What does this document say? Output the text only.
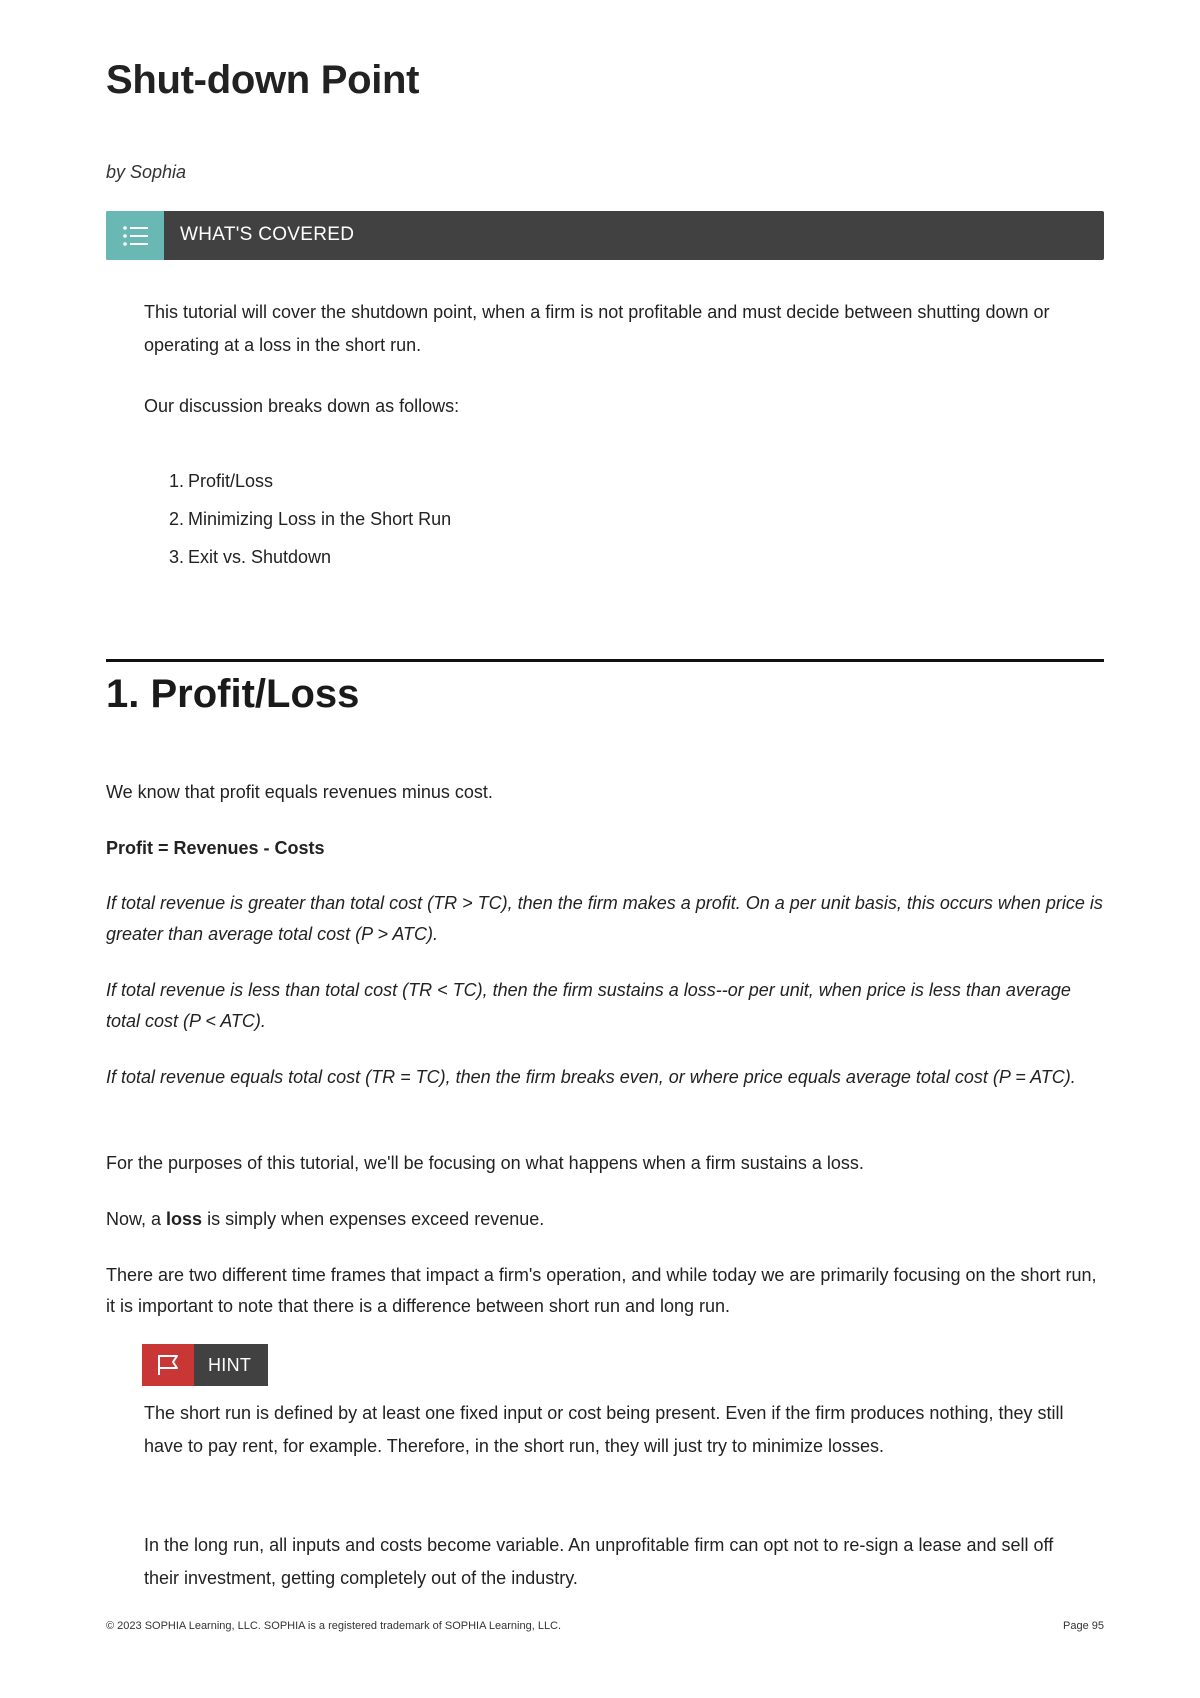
Shut-down Point
by Sophia
WHAT'S COVERED

This tutorial will cover the shutdown point, when a firm is not profitable and must decide between shutting down or operating at a loss in the short run.

Our discussion breaks down as follows:
1. Profit/Loss
2. Minimizing Loss in the Short Run
3. Exit vs. Shutdown
1. Profit/Loss

We know that profit equals revenues minus cost.

Profit = Revenues - Costs

If total revenue is greater than total cost (TR > TC), then the firm makes a profit. On a per unit basis, this occurs when price is greater than average total cost (P > ATC).

If total revenue is less than total cost (TR < TC), then the firm sustains a loss--or per unit, when price is less than average total cost (P < ATC).

If total revenue equals total cost (TR = TC), then the firm breaks even, or where price equals average total cost (P = ATC).

For the purposes of this tutorial, we'll be focusing on what happens when a firm sustains a loss.

Now, a loss is simply when expenses exceed revenue.

There are two different time frames that impact a firm's operation, and while today we are primarily focusing on the short run, it is important to note that there is a difference between short run and long run.

HINT

The short run is defined by at least one fixed input or cost being present. Even if the firm produces nothing, they still have to pay rent, for example. Therefore, in the short run, they will just try to minimize losses.

In the long run, all inputs and costs become variable. An unprofitable firm can opt not to re-sign a lease and sell off their investment, getting completely out of the industry.

© 2023 SOPHIA Learning, LLC. SOPHIA is a registered trademark of SOPHIA Learning, LLC.	Page 95
